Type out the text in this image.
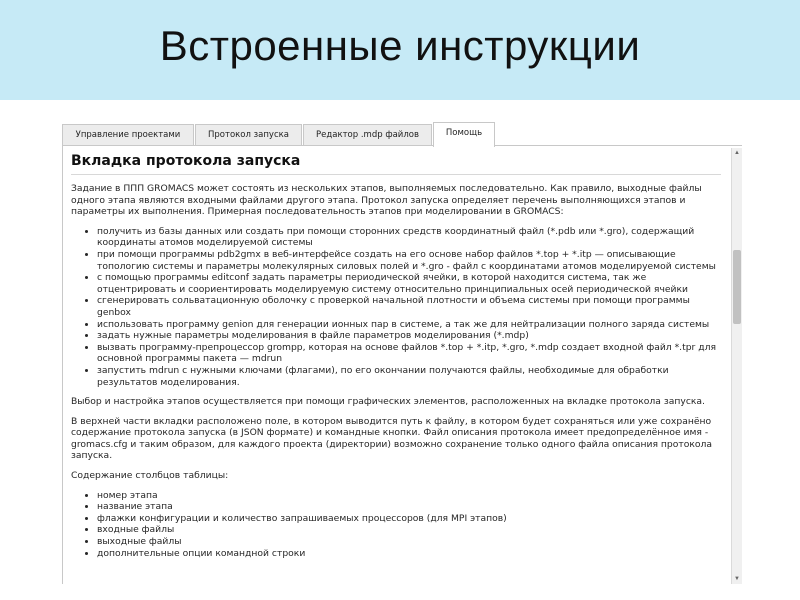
Встроенные инструкции
Управление проектами	Протокол запуска	Редактор .mdp файлов	Помощь
Вкладка протокола запуска

Задание в ППП GROMACS может состоять из нескольких этапов, выполняемых последовательно. Как правило, выходные файлы одного этапа являются входными файлами другого этапа. Протокол запуска определяет перечень выполняющихся этапов и параметры их выполнения. Примерная последовательность этапов при моделировании в GROMACS:

• получить из базы данных или создать при помощи сторонних средств координатный файл (*.pdb или *.gro), содержащий координаты атомов моделируемой системы
• при помощи программы pdb2gmx в веб-интерфейсе создать на его основе набор файлов *.top + *.itp — описывающие топологию системы и параметры молекулярных силовых полей и *.gro - файл с координатами атомов моделируемой системы
• с помощью программы editconf задать параметры периодической ячейки, в которой находится система, так же отцентрировать и соориентировать моделируемую систему относительно принципиальных осей периодической ячейки
• сгенерировать сольватационную оболочку с проверкой начальной плотности и объема системы при помощи программы genbox
• использовать программу genion для генерации ионных пар в системе, а так же для нейтрализации полного заряда системы
• задать нужные параметры моделирования в файле параметров моделирования (*.mdp)
• вызвать программу-препроцессор grompp, которая на основе файлов *.top + *.itp, *.gro, *.mdp создает входной файл *.tpr для основной программы пакета — mdrun
• запустить mdrun с нужными ключами (флагами), по его окончании получаются файлы, необходимые для обработки результатов моделирования.

Выбор и настройка этапов осуществляется при помощи графических элементов, расположенных на вкладке протокола запуска.

В верхней части вкладки расположено поле, в котором выводится путь к файлу, в котором будет сохраняться или уже сохранёно содержание протокола запуска (в JSON формате) и командные кнопки. Файл описания протокола имеет предопределённое имя - gromacs.cfg и таким образом, для каждого проекта (директории) возможно сохранение только одного файла описания протокола запуска.

Содержание столбцов таблицы:

• номер этапа
• название этапа
• флажки конфигурации и количество запрашиваемых процессоров (для MPI этапов)
• входные файлы
• выходные файлы
• дополнительные опции командной строки
▲
▼
